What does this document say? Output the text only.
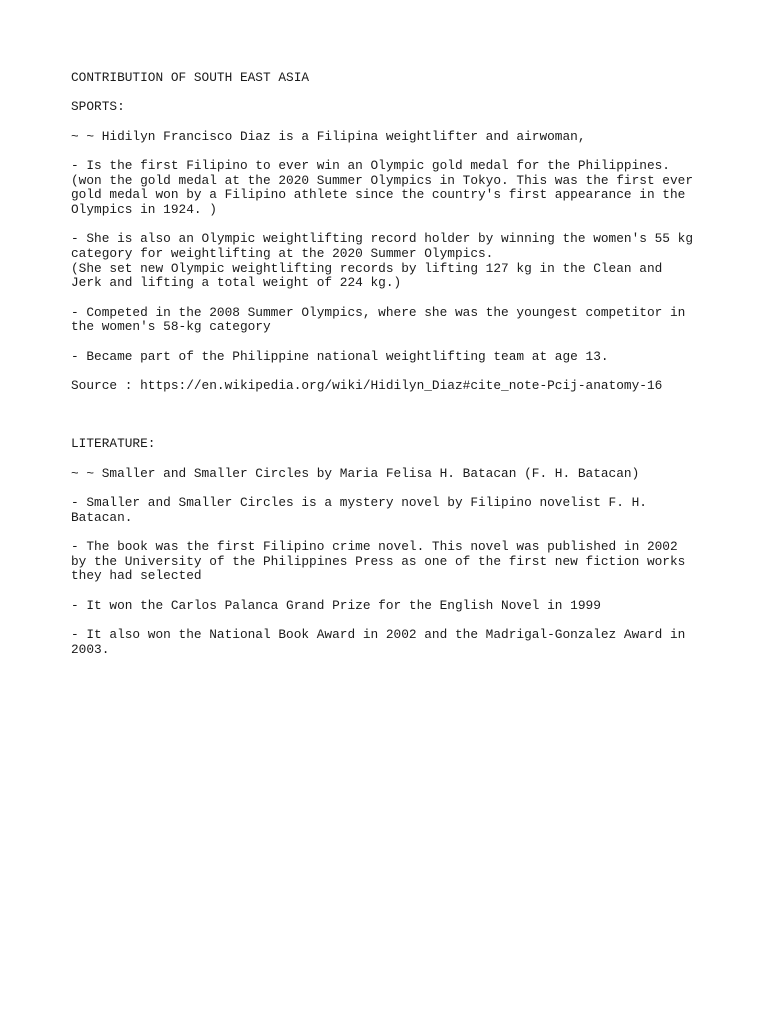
CONTRIBUTION OF SOUTH EAST ASIA

SPORTS:

~ ~ Hidilyn Francisco Diaz is a Filipina weightlifter and airwoman,

- Is the first Filipino to ever win an Olympic gold medal for the Philippines.
(won the gold medal at the 2020 Summer Olympics in Tokyo. This was the first ever gold medal won by a Filipino athlete since the country's first appearance in the Olympics in 1924. )

- She is also an Olympic weightlifting record holder by winning the women's 55 kg category for weightlifting at the 2020 Summer Olympics.
(She set new Olympic weightlifting records by lifting 127 kg in the Clean and Jerk and lifting a total weight of 224 kg.)

- Competed in the 2008 Summer Olympics, where she was the youngest competitor in the women's 58-kg category

- Became part of the Philippine national weightlifting team at age 13.

Source : https://en.wikipedia.org/wiki/Hidilyn_Diaz#cite_note-Pcij-anatomy-16

LITERATURE:

~ ~ Smaller and Smaller Circles by Maria Felisa H. Batacan (F. H. Batacan)

- Smaller and Smaller Circles is a mystery novel by Filipino novelist F. H. Batacan.

- The book was the first Filipino crime novel. This novel was published in 2002 by the University of the Philippines Press as one of the first new fiction works they had selected

- It won the Carlos Palanca Grand Prize for the English Novel in 1999

- It also won the National Book Award in 2002 and the Madrigal-Gonzalez Award in 2003.
